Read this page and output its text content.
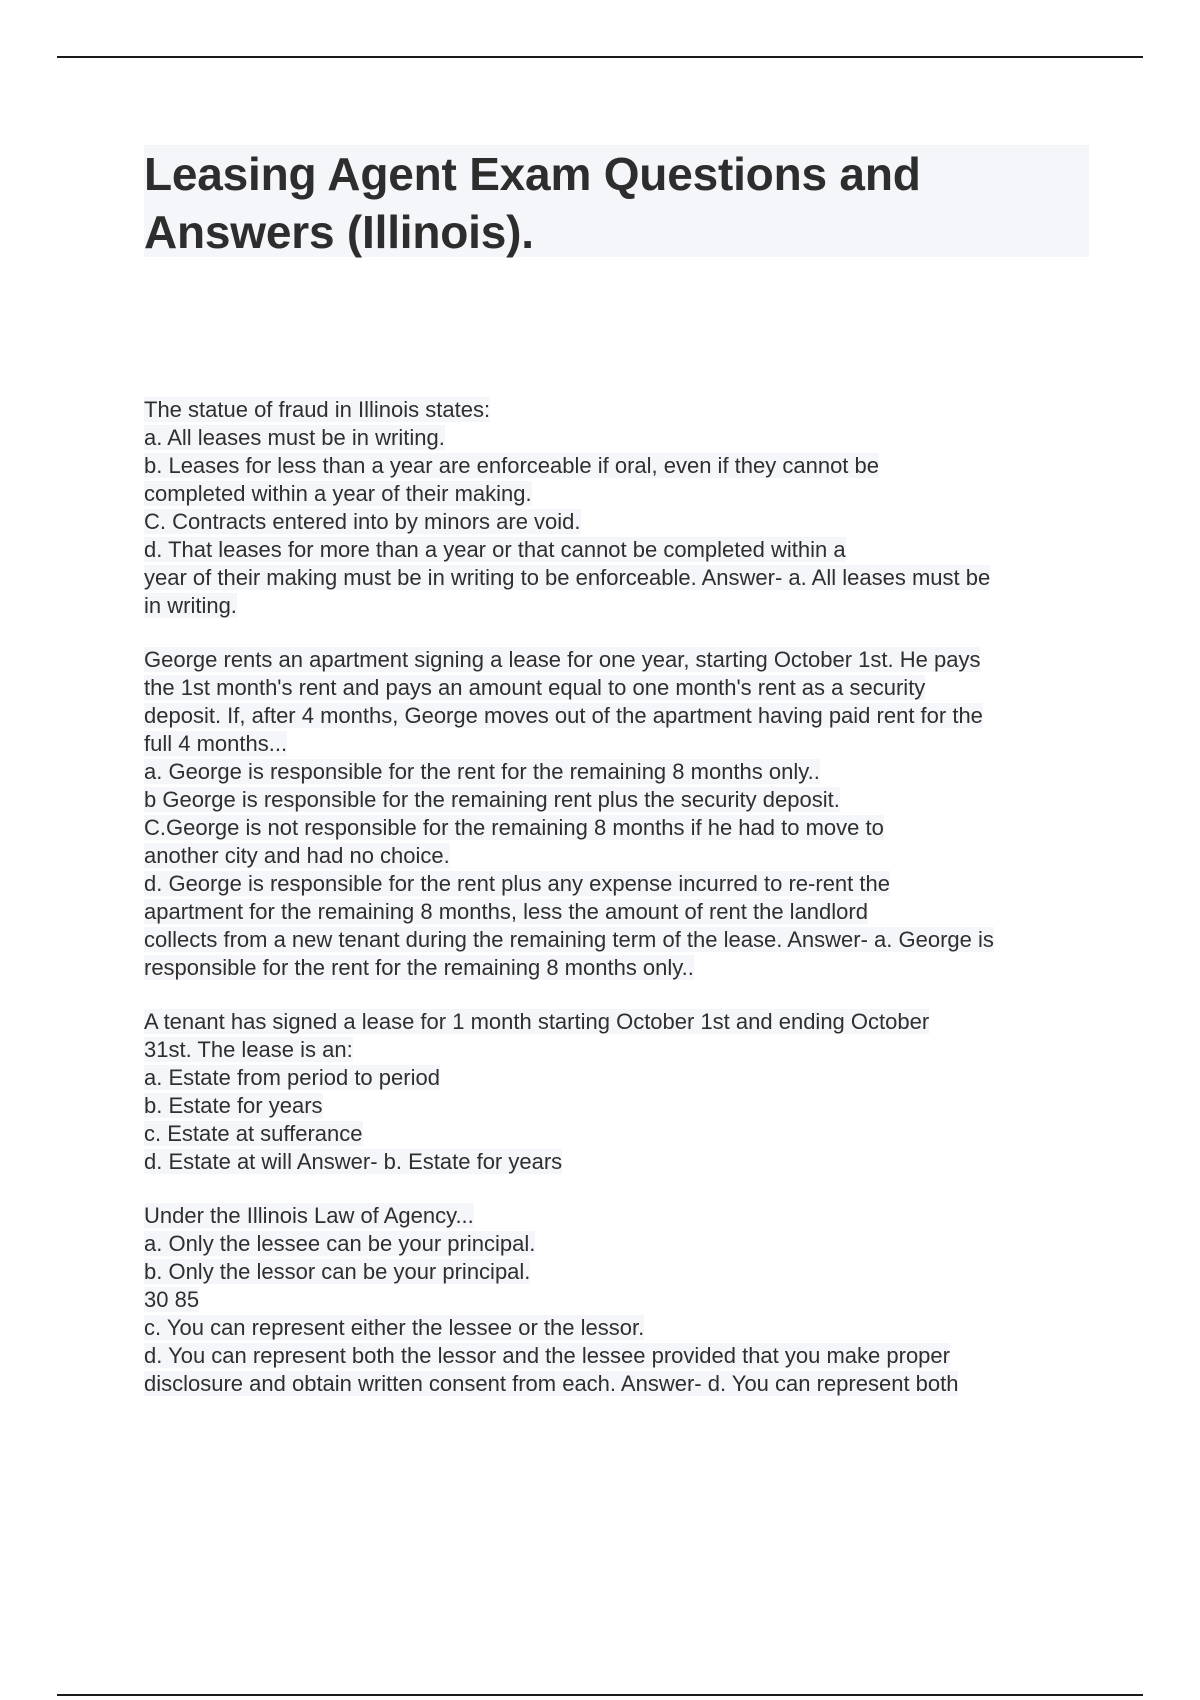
Leasing Agent Exam Questions and
Answers (Illinois).
The statue of fraud in Illinois states:
a. All leases must be in writing.
b. Leases for less than a year are enforceable if oral, even if they cannot be
completed within a year of their making.
C. Contracts entered into by minors are void.
d. That leases for more than a year or that cannot be completed within a
year of their making must be in writing to be enforceable. Answer- a. All leases must be
in writing.
George rents an apartment signing a lease for one year, starting October 1st. He pays
the 1st month's rent and pays an amount equal to one month's rent as a security
deposit. If, after 4 months, George moves out of the apartment having paid rent for the
full 4 months...
a. George is responsible for the rent for the remaining 8 months only..
b George is responsible for the remaining rent plus the security deposit.
C.George is not responsible for the remaining 8 months if he had to move to
another city and had no choice.
d. George is responsible for the rent plus any expense incurred to re-rent the
apartment for the remaining 8 months, less the amount of rent the landlord
collects from a new tenant during the remaining term of the lease. Answer- a. George is
responsible for the rent for the remaining 8 months only..
A tenant has signed a lease for 1 month starting October 1st and ending October
31st. The lease is an:
a. Estate from period to period
b. Estate for years
c. Estate at sufferance
d. Estate at will Answer- b. Estate for years
Under the Illinois Law of Agency...
a. Only the lessee can be your principal.
b. Only the lessor can be your principal.
30 85
c. You can represent either the lessee or the lessor.
d. You can represent both the lessor and the lessee provided that you make proper
disclosure and obtain written consent from each. Answer- d. You can represent both
